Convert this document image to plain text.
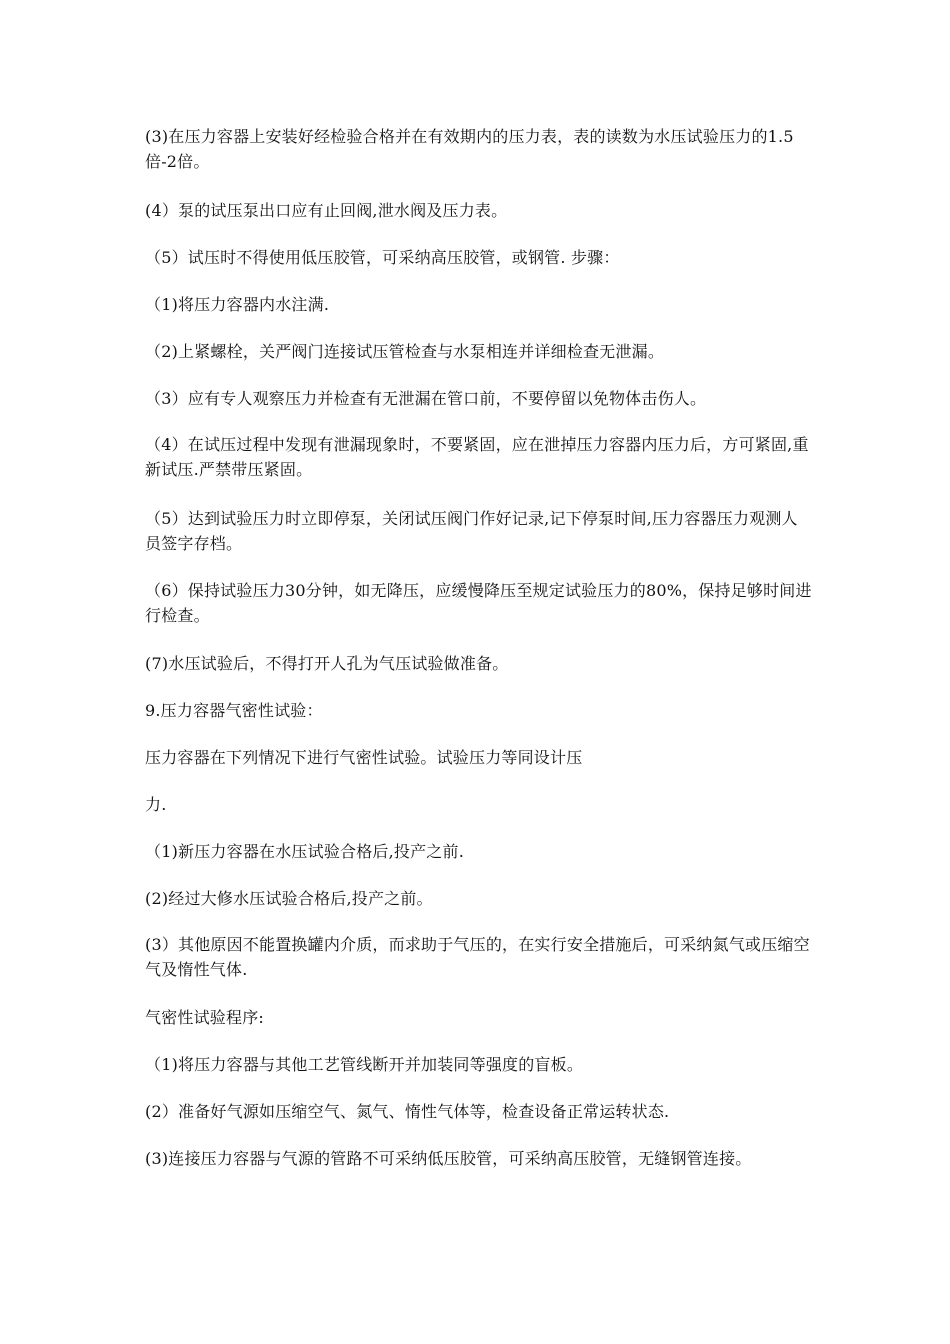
(3)在压力容器上安装好经检验合格并在有效期内的压力表，表的读数为水压试验压力的1.5倍-2倍。

(4）泵的试压泵出口应有止回阀,泄水阀及压力表。

（5）试压时不得使用低压胶管，可采纳高压胶管，或钢管. 步骤：

（1)将压力容器内水注满.

（2)上紧螺栓，关严阀门连接试压管检查与水泵相连并详细检查无泄漏。

（3）应有专人观察压力并检查有无泄漏在管口前，不要停留以免物体击伤人。

（4）在试压过程中发现有泄漏现象时，不要紧固，应在泄掉压力容器内压力后，方可紧固,重新试压.严禁带压紧固。

（5）达到试验压力时立即停泵，关闭试压阀门作好记录,记下停泵时间,压力容器压力观测人员签字存档。

（6）保持试验压力30分钟，如无降压，应缓慢降压至规定试验压力的80%，保持足够时间进行检查。

(7)水压试验后，不得打开人孔为气压试验做准备。

9.压力容器气密性试验：

压力容器在下列情况下进行气密性试验。试验压力等同设计压

力.

（1)新压力容器在水压试验合格后,投产之前.

(2)经过大修水压试验合格后,投产之前。

(3）其他原因不能置换罐内介质，而求助于气压的，在实行安全措施后，可采纳氮气或压缩空气及惰性气体.

气密性试验程序:

（1)将压力容器与其他工艺管线断开并加装同等强度的盲板。

(2）准备好气源如压缩空气、氮气、惰性气体等，检查设备正常运转状态.

(3)连接压力容器与气源的管路不可采纳低压胶管，可采纳高压胶管，无缝钢管连接。
